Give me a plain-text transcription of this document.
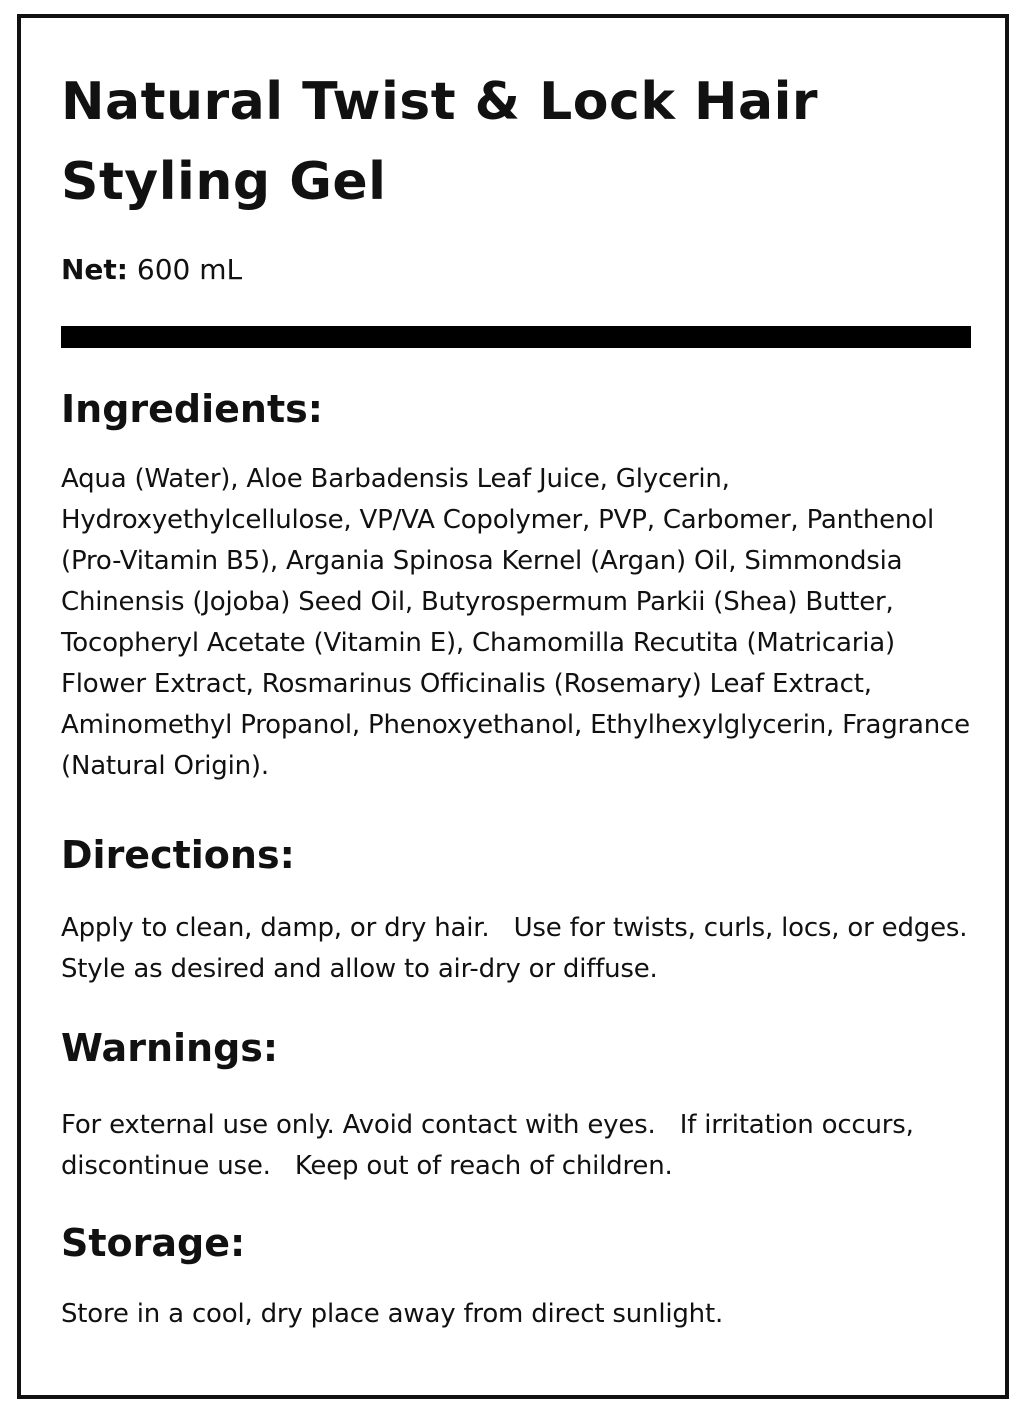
Natural Twist & Lock Hair Styling Gel

Net: 600 mL

Ingredients:

Aqua (Water), Aloe Barbadensis Leaf Juice, Glycerin, Hydroxyethylcellulose, VP/VA Copolymer, PVP, Carbomer, Panthenol (Pro-Vitamin B5), Argania Spinosa Kernel (Argan) Oil, Simmondsia Chinensis (Jojoba) Seed Oil, Butyrospermum Parkii (Shea) Butter, Tocopheryl Acetate (Vitamin E), Chamomilla Recutita (Matricaria) Flower Extract, Rosmarinus Officinalis (Rosemary) Leaf Extract, Aminomethyl Propanol, Phenoxyethanol, Ethylhexylglycerin, Fragrance (Natural Origin).

Directions:

Apply to clean, damp, or dry hair.   Use for twists, curls, locs, or edges.   Style as desired and allow to air-dry or diffuse.

Warnings:

For external use only. Avoid contact with eyes.   If irritation occurs, discontinue use.   Keep out of reach of children.

Storage:

Store in a cool, dry place away from direct sunlight.
